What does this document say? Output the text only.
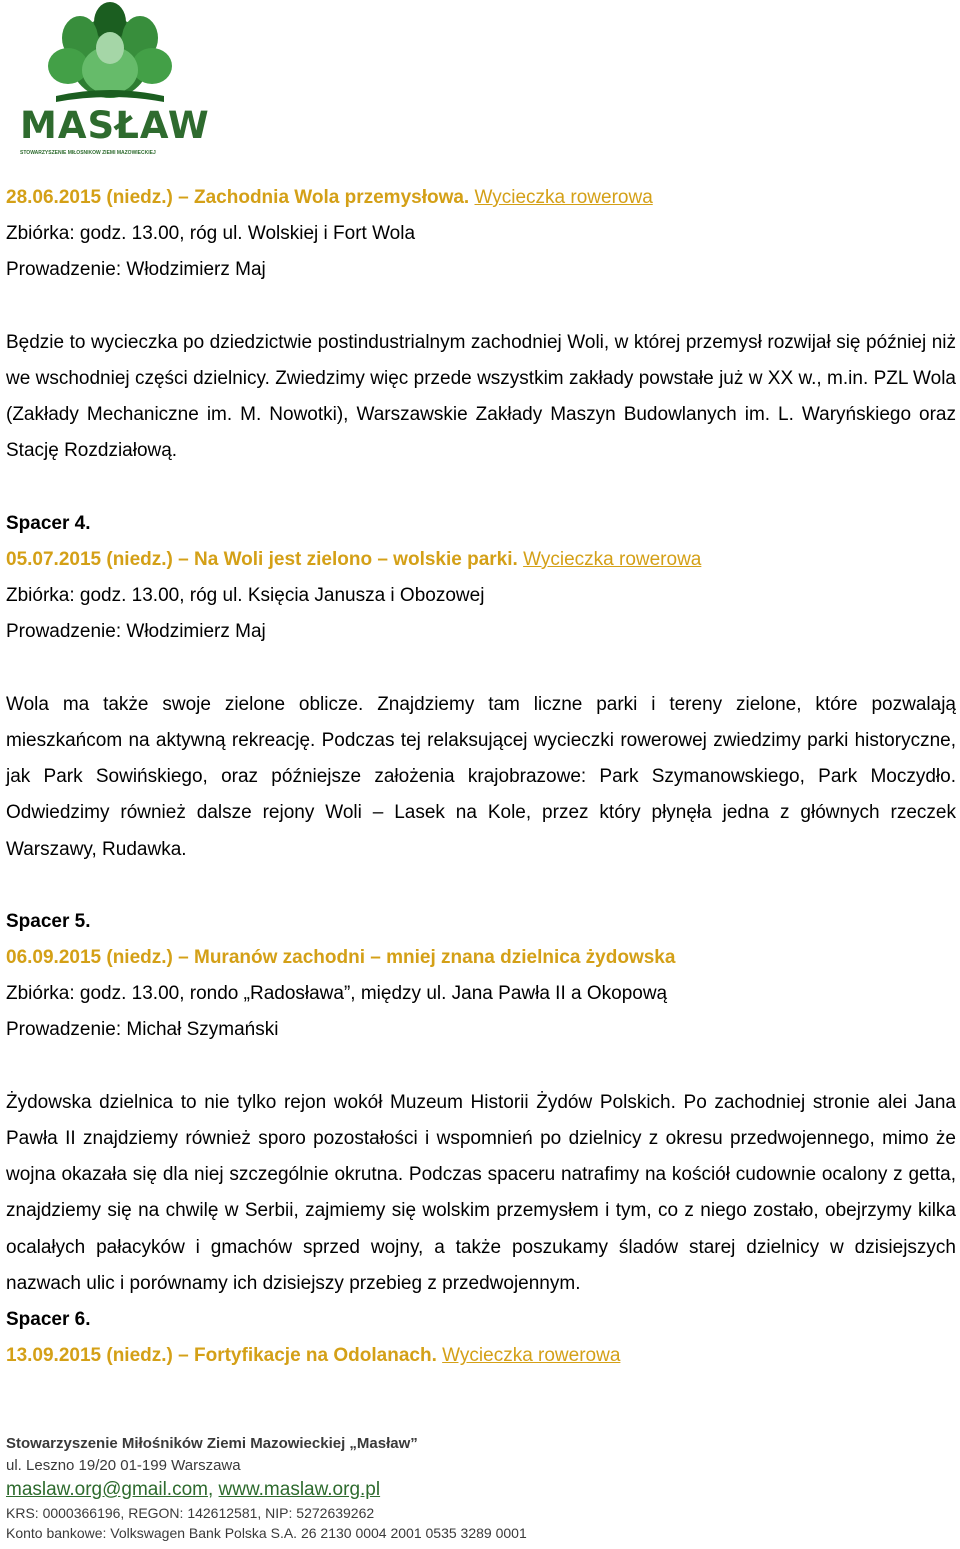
MASŁAW
STOWARZYSZENIE MIŁOŚNIKÓW ZIEMI MAZOWIECKIEJ
28.06.2015 (niedz.) – Zachodnia Wola przemysłowa. Wycieczka rowerowa
Zbiórka: godz. 13.00, róg ul. Wolskiej i Fort Wola
Prowadzenie: Włodzimierz Maj
Będzie to wycieczka po dziedzictwie postindustrialnym zachodniej Woli, w której przemysł rozwijał się później niż we wschodniej części dzielnicy. Zwiedzimy więc przede wszystkim zakłady powstałe już w XX w., m.in. PZL Wola (Zakłady Mechaniczne im. M. Nowotki), Warszawskie Zakłady Maszyn Budowlanych im. L. Waryńskiego oraz Stację Rozdziałową.
Spacer 4.
05.07.2015 (niedz.) – Na Woli jest zielono – wolskie parki. Wycieczka rowerowa
Zbiórka: godz. 13.00, róg ul. Księcia Janusza i Obozowej
Prowadzenie: Włodzimierz Maj
Wola ma także swoje zielone oblicze. Znajdziemy tam liczne parki i tereny zielone, które pozwalają mieszkańcom na aktywną rekreację. Podczas tej relaksującej wycieczki rowerowej zwiedzimy parki historyczne, jak Park Sowińskiego, oraz późniejsze założenia krajobrazowe: Park Szymanowskiego, Park Moczydło. Odwiedzimy również dalsze rejony Woli – Lasek na Kole, przez który płynęła jedna z głównych rzeczek Warszawy, Rudawka.
Spacer 5.
06.09.2015 (niedz.) – Muranów zachodni – mniej znana dzielnica żydowska
Zbiórka: godz. 13.00, rondo „Radosława”, między ul. Jana Pawła II a Okopową
Prowadzenie: Michał Szymański
Żydowska dzielnica to nie tylko rejon wokół Muzeum Historii Żydów Polskich. Po zachodniej stronie alei Jana Pawła II znajdziemy również sporo pozostałości i wspomnień po dzielnicy z okresu przedwojennego, mimo że wojna okazała się dla niej szczególnie okrutna. Podczas spaceru natrafimy na kościół cudownie ocalony z getta, znajdziemy się na chwilę w Serbii, zajmiemy się wolskim przemysłem i tym, co z niego zostało, obejrzymy kilka ocalałych pałacyków i gmachów sprzed wojny, a także poszukamy śladów starej dzielnicy w dzisiejszych nazwach ulic i porównamy ich dzisiejszy przebieg z przedwojennym.
Spacer 6.
13.09.2015 (niedz.) – Fortyfikacje na Odolanach. Wycieczka rowerowa
Stowarzyszenie Miłośników Ziemi Mazowieckiej „Masław”
ul. Leszno 19/20 01-199 Warszawa
maslaw.org@gmail.com, www.maslaw.org.pl
KRS: 0000366196, REGON: 142612581, NIP: 5272639262
Konto bankowe: Volkswagen Bank Polska S.A. 26 2130 0004 2001 0535 3289 0001
